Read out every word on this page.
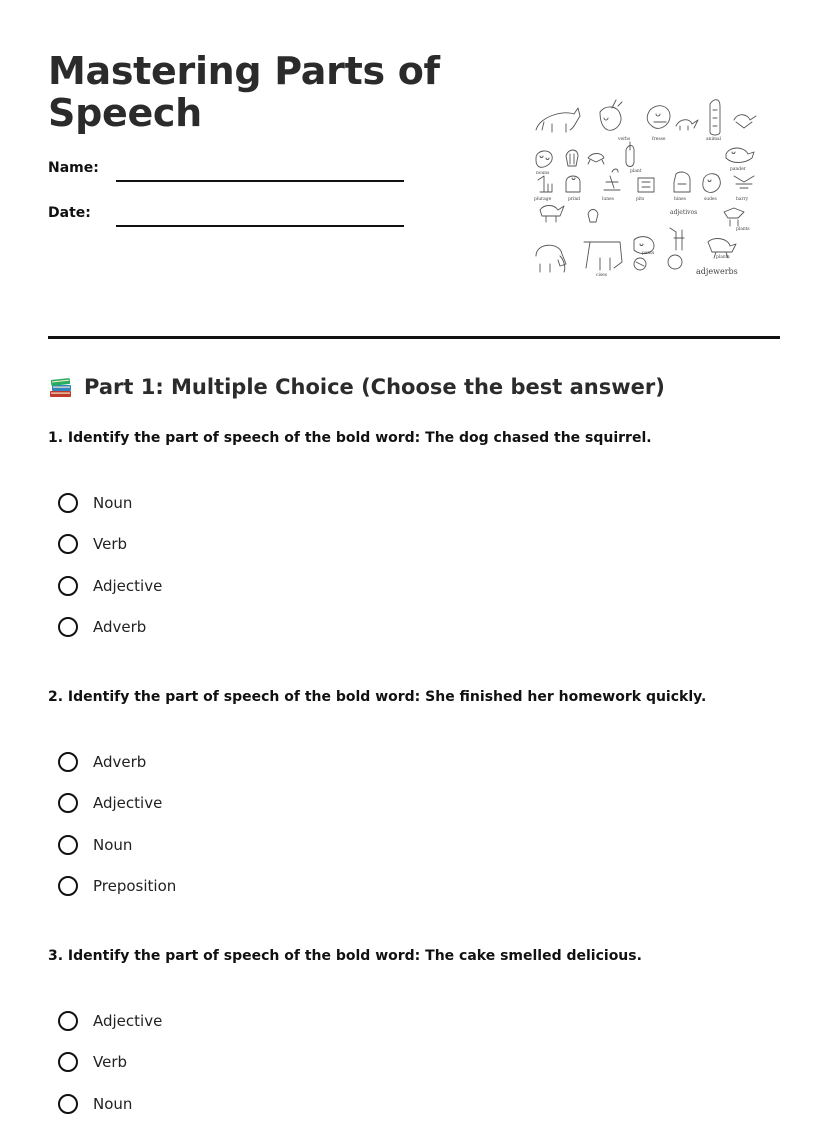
Mastering Parts of Speech
Name:
Date:
verbs	fresse	animal
nouns	plant	pander
plurage	prind	lunes	pits	hines	sudes	harry
adjetivos
plants
cises
pants
plants
adjewerbs
Part 1: Multiple Choice (Choose the best answer)

1. Identify the part of speech of the bold word: The dog chased the squirrel.

Noun
Verb
Adjective
Adverb

2. Identify the part of speech of the bold word: She finished her homework quickly.

Adverb
Adjective
Noun
Preposition

3. Identify the part of speech of the bold word: The cake smelled delicious.

Adjective
Verb
Noun
